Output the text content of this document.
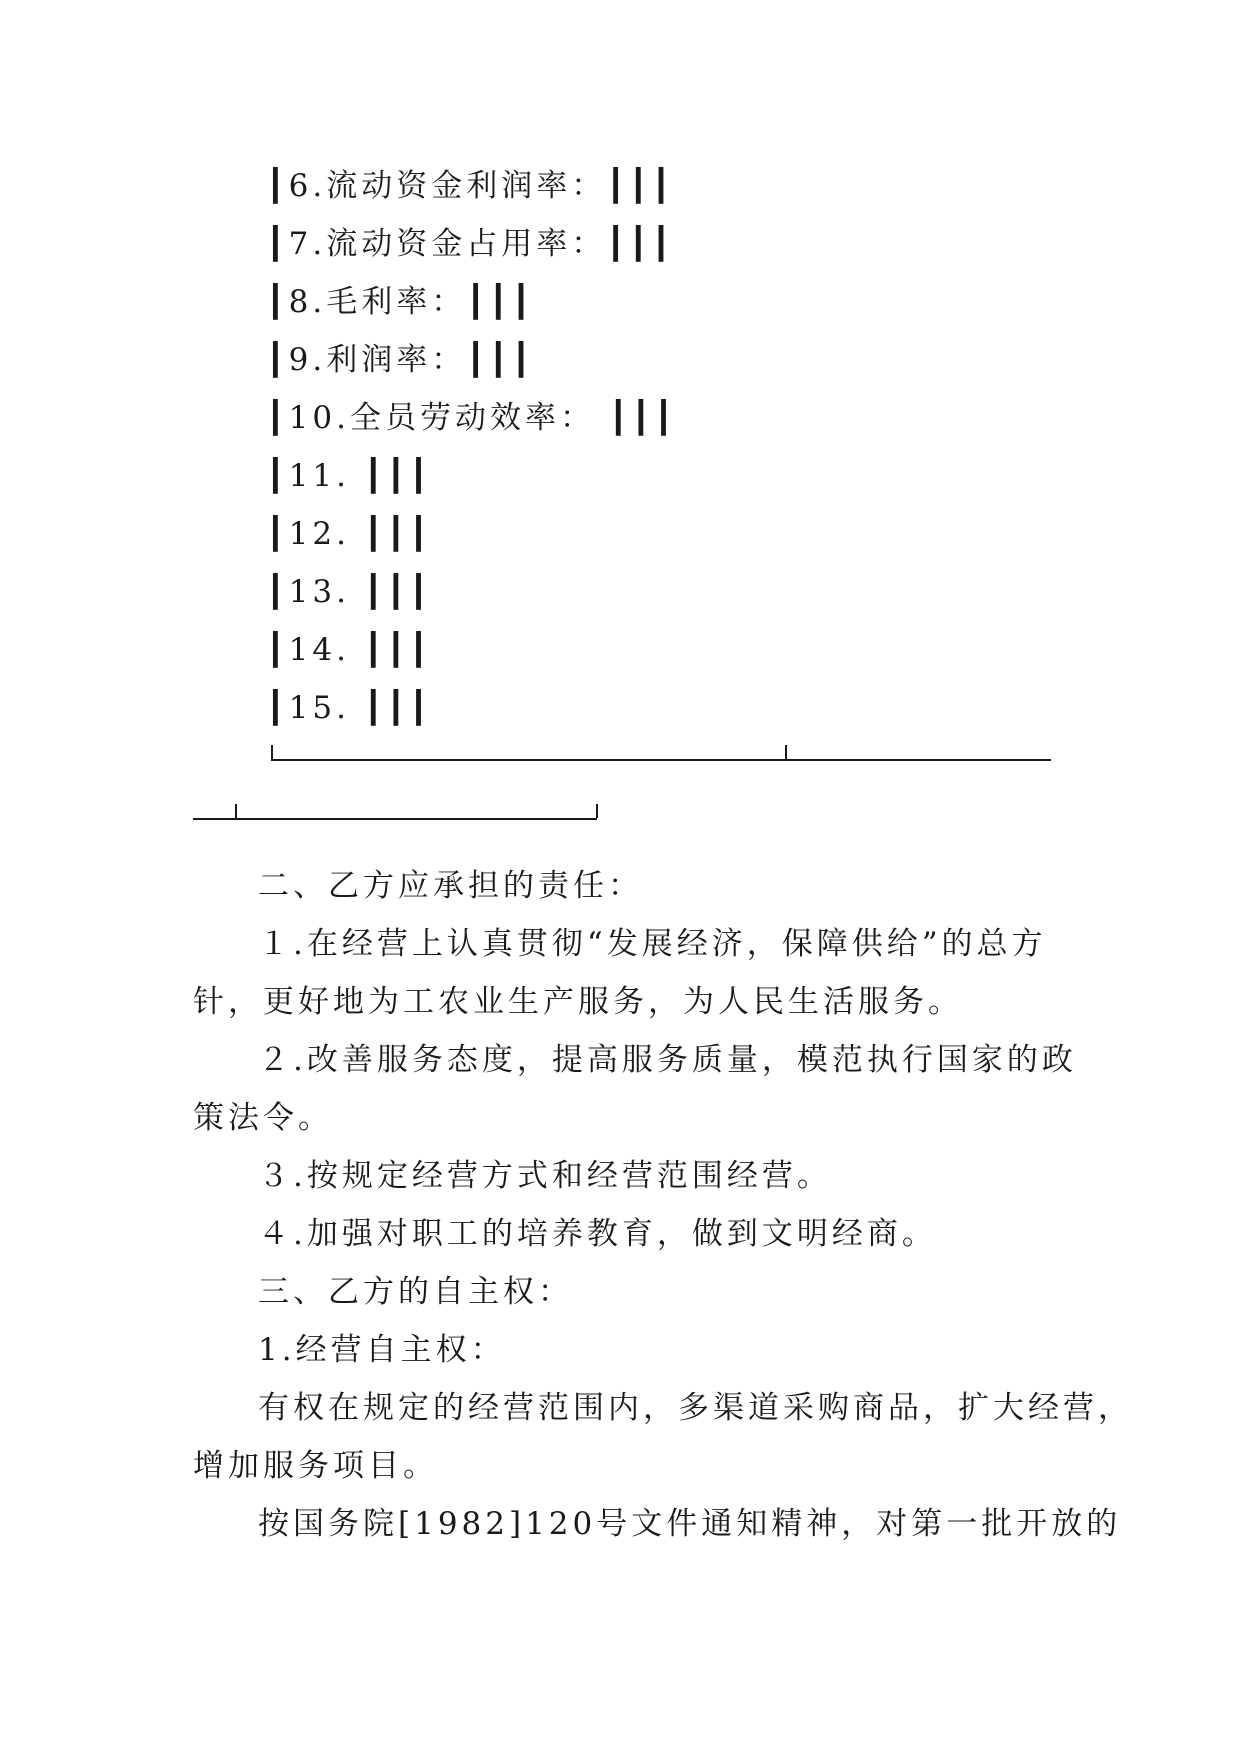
┃6.流动资金利润率：┃┃┃
┃7.流动资金占用率：┃┃┃
┃8.毛利率：┃┃┃
┃9.利润率：┃┃┃
┃10.全员劳动效率： ┃┃┃
┃11. ┃┃┃
┃12. ┃┃┃
┃13. ┃┃┃
┃14. ┃┃┃
┃15. ┃┃┃
二、乙方应承担的责任：
１.在经营上认真贯彻“发展经济，保障供给”的总方
针，更好地为工农业生产服务，为人民生活服务。
２.改善服务态度，提高服务质量，模范执行国家的政
策法令。
３.按规定经营方式和经营范围经营。
４.加强对职工的培养教育，做到文明经商。
三、乙方的自主权：
1.经营自主权：
有权在规定的经营范围内，多渠道采购商品，扩大经营，
增加服务项目。
按国务院[1982]120号文件通知精神，对第一批开放的
